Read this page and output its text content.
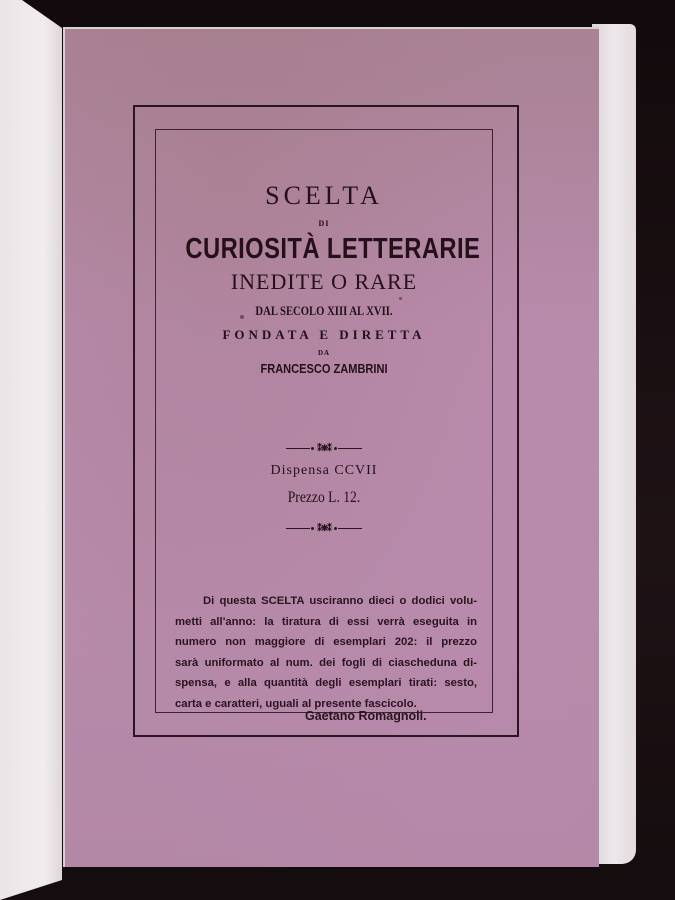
SCELTA
DI
CURIOSITÀ LETTERARIE
INEDITE O RARE
DAL SECOLO XIII AL XVII.
FONDATA E DIRETTA
DA
FRANCESCO ZAMBRINI
⁑❋⁑
Dispensa CCVII
Prezzo L. 12.
⁑❋⁑
Di questa SCELTA usciranno dieci o dodici volu-
metti all'anno: la tiratura di essi verrà eseguita in
numero non maggiore di esemplari 202: il prezzo
sarà uniformato al num. dei fogli di ciascheduna di-
spensa, e alla quantità degli esemplari tirati: sesto,
carta e caratteri, uguali al presente fascicolo.
Gaetano Romagnoli.
